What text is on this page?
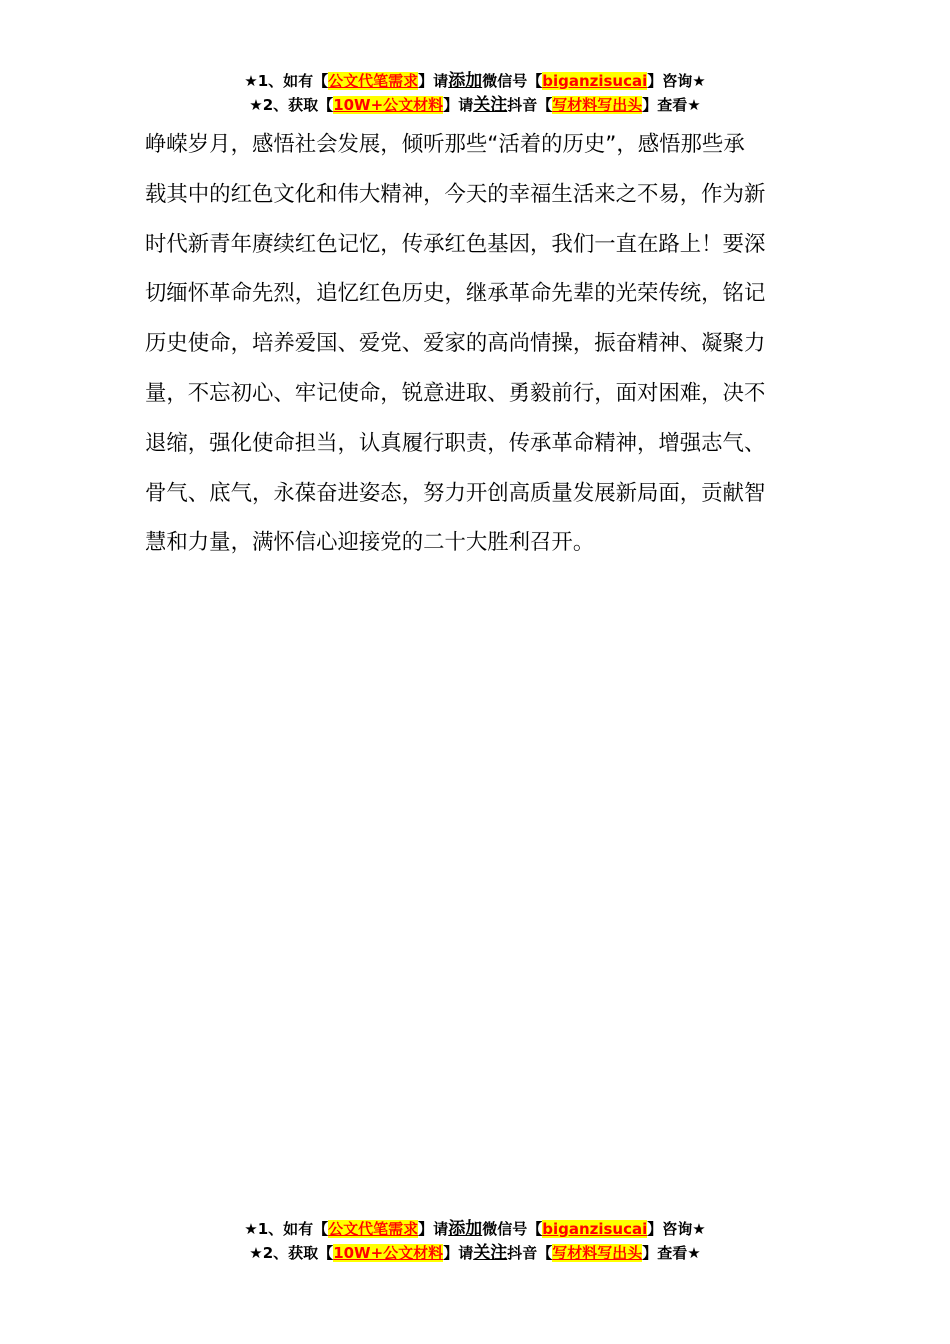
★1、如有【公文代笔需求】请添加微信号【biganzisucai】咨询★
★2、获取【10W+公文材料】请关注抖音【写材料写出头】查看★
峥嵘岁月，感悟社会发展，倾听那些“活着的历史”，感悟那些承
载其中的红色文化和伟大精神，今天的幸福生活来之不易，作为新
时代新青年赓续红色记忆，传承红色基因，我们一直在路上！要深
切缅怀革命先烈，追忆红色历史，继承革命先辈的光荣传统，铭记
历史使命，培养爱国、爱党、爱家的高尚情操，振奋精神、凝聚力
量，不忘初心、牢记使命，锐意进取、勇毅前行，面对困难，决不
退缩，强化使命担当，认真履行职责，传承革命精神，增强志气、
骨气、底气，永葆奋进姿态，努力开创高质量发展新局面，贡献智
慧和力量，满怀信心迎接党的二十大胜利召开。
★1、如有【公文代笔需求】请添加微信号【biganzisucai】咨询★
★2、获取【10W+公文材料】请关注抖音【写材料写出头】查看★
